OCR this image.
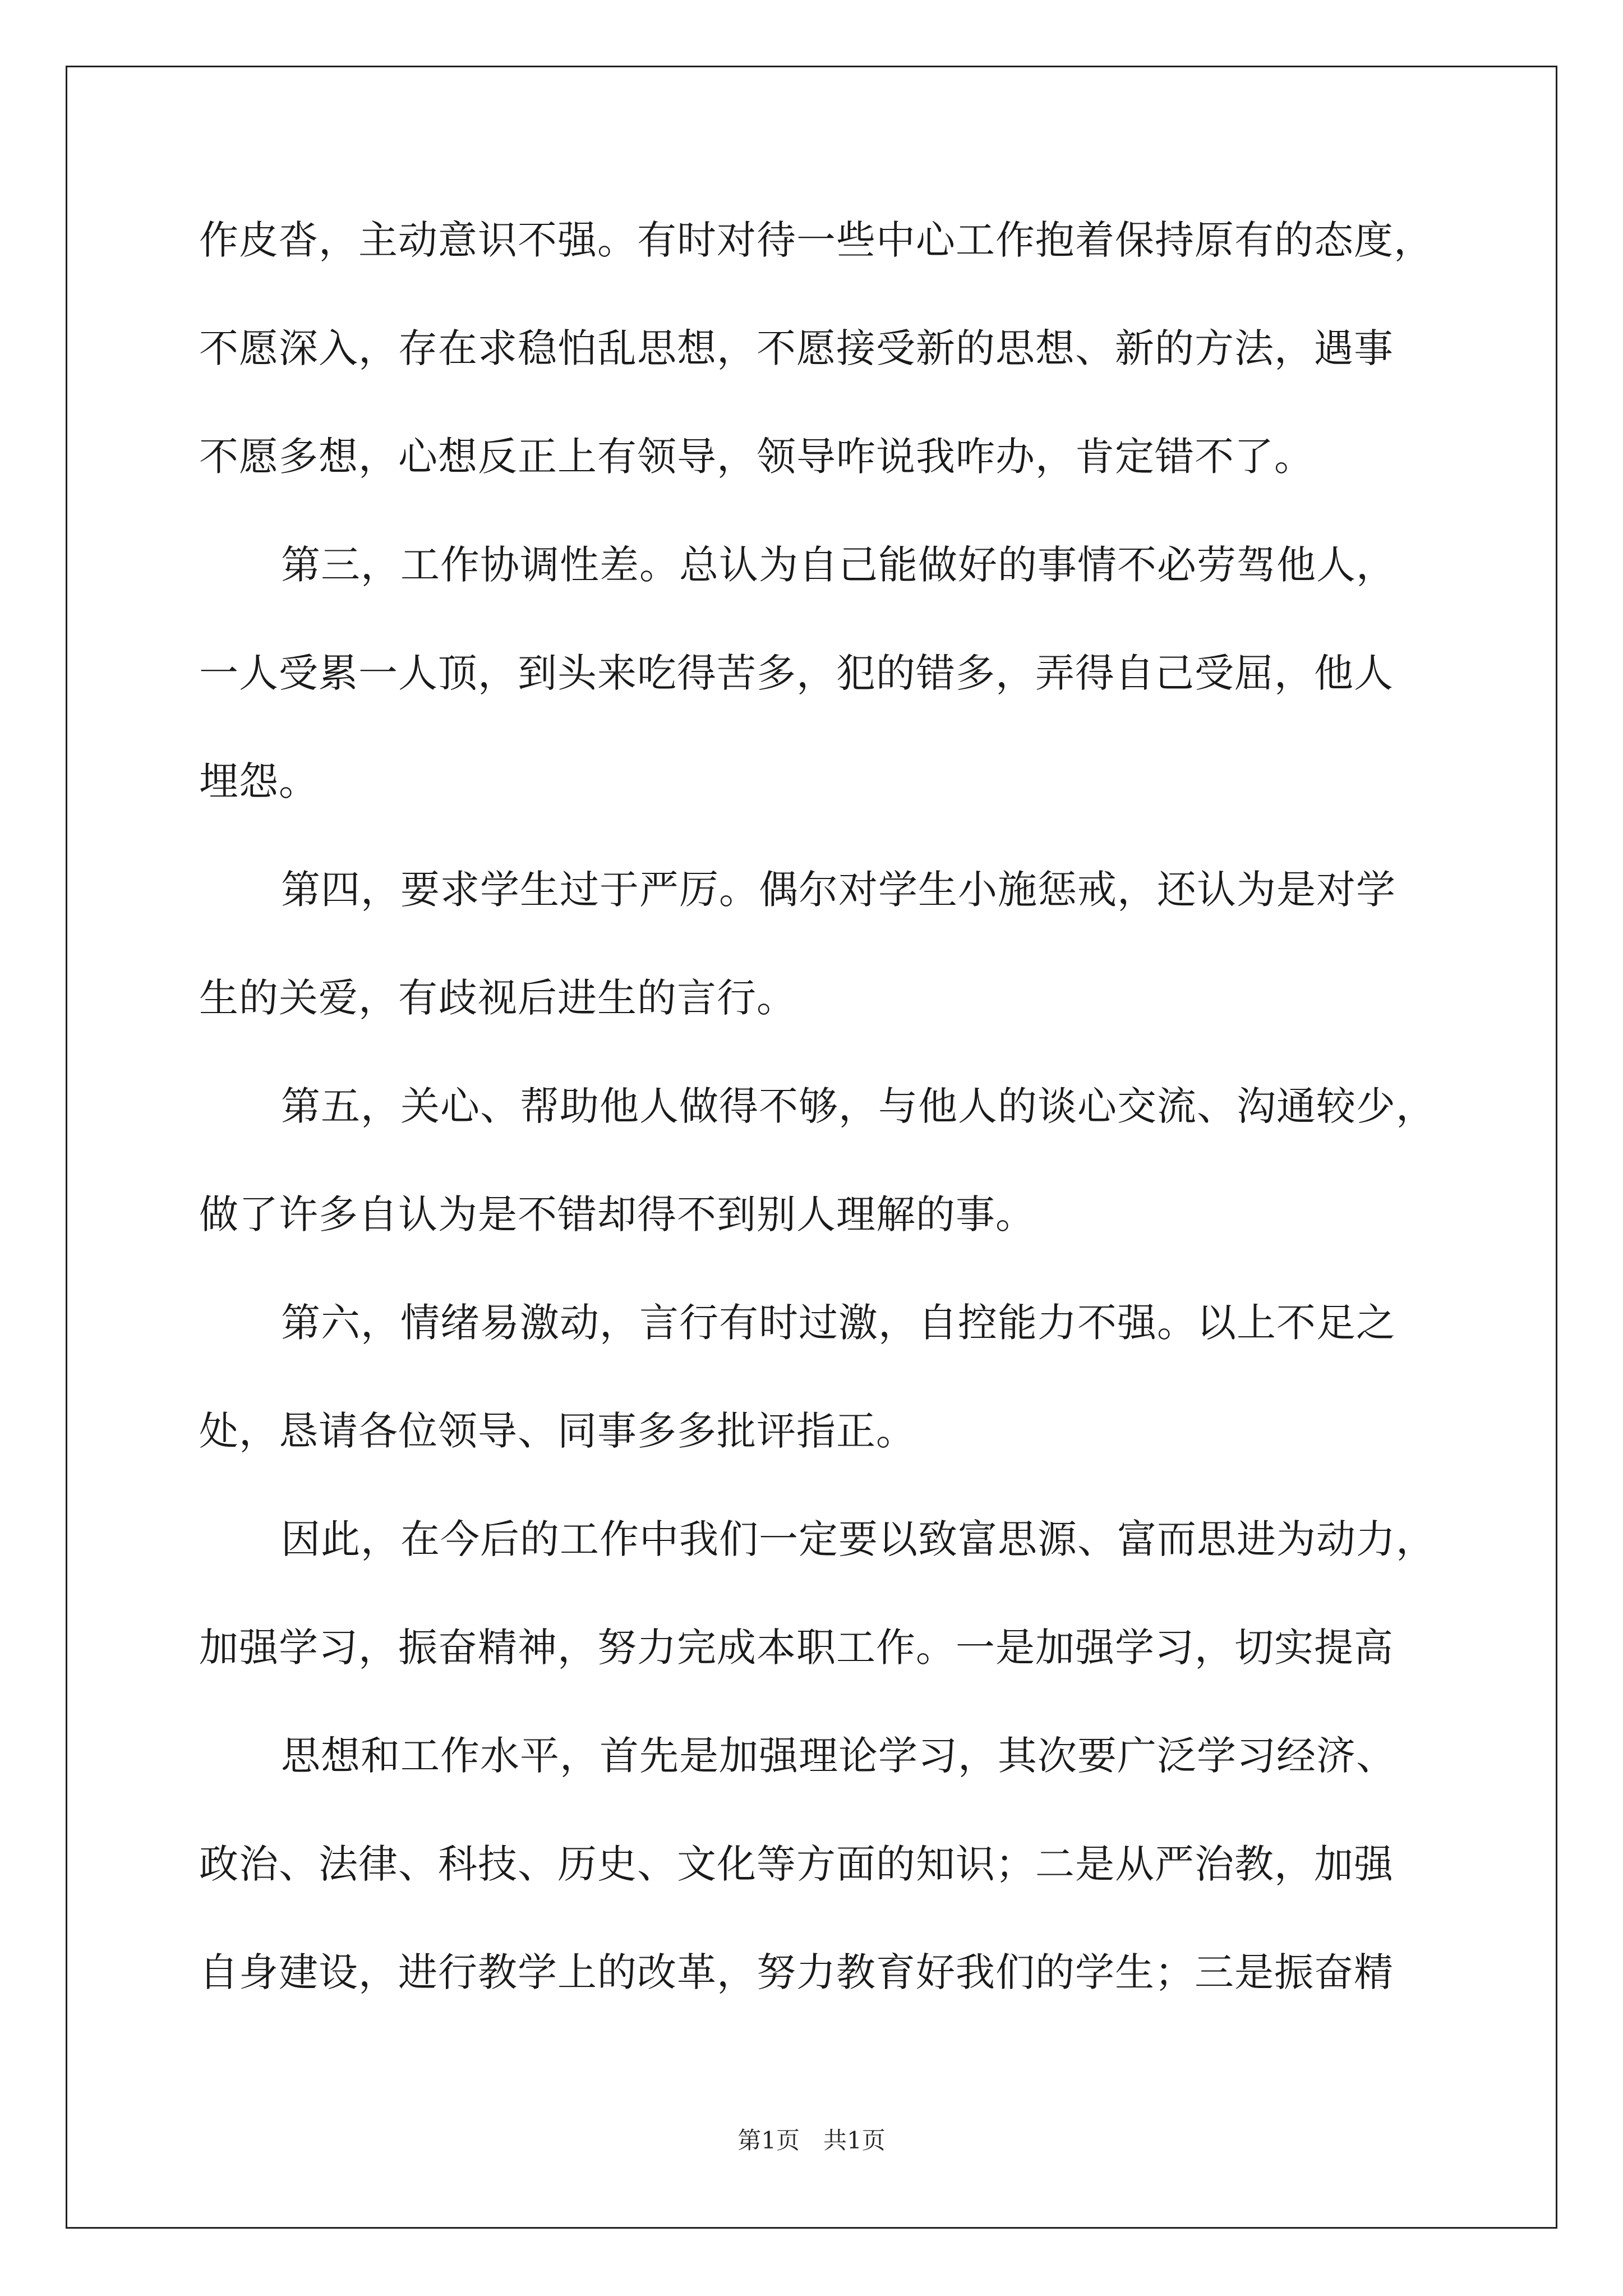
作皮沓，主动意识不强。有时对待一些中心工作抱着保持原有的态度，
不愿深入，存在求稳怕乱思想，不愿接受新的思想、新的方法，遇事
不愿多想，心想反正上有领导，领导咋说我咋办，肯定错不了。
第三，工作协调性差。总认为自己能做好的事情不必劳驾他人，
一人受累一人顶，到头来吃得苦多，犯的错多，弄得自己受屈，他人
埋怨。
第四，要求学生过于严厉。偶尔对学生小施惩戒，还认为是对学
生的关爱，有歧视后进生的言行。
第五，关心、帮助他人做得不够，与他人的谈心交流、沟通较少，
做了许多自认为是不错却得不到别人理解的事。
第六，情绪易激动，言行有时过激，自控能力不强。以上不足之
处，恳请各位领导、同事多多批评指正。
因此，在今后的工作中我们一定要以致富思源、富而思进为动力，
加强学习，振奋精神，努力完成本职工作。一是加强学习，切实提高
思想和工作水平，首先是加强理论学习，其次要广泛学习经济、
政治、法律、科技、历史、文化等方面的知识；二是从严治教，加强
自身建设，进行教学上的改革，努力教育好我们的学生；三是振奋精
第1页　共1页
